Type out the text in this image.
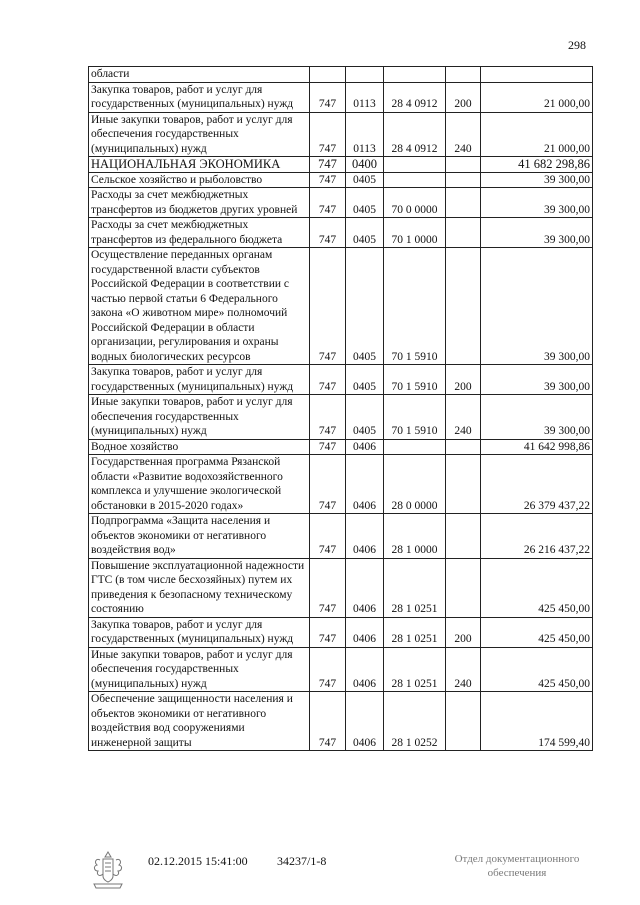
298
области					
Закупка товаров, работ и услуг для государственных (муниципальных) нужд	747	0113	28 4 0912	200	21 000,00
Иные закупки товаров, работ и услуг для обеспечения государственных (муниципальных) нужд	747	0113	28 4 0912	240	21 000,00
НАЦИОНАЛЬНАЯ ЭКОНОМИКА	747	0400			41 682 298,86
Сельское хозяйство и рыболовство	747	0405			39 300,00
Расходы за счет межбюджетных трансфертов из бюджетов других уровней	747	0405	70 0 0000		39 300,00
Расходы за счет межбюджетных трансфертов из федерального бюджета	747	0405	70 1 0000		39 300,00
Осуществление переданных органам государственной власти субъектов Российской Федерации в соответствии с частью первой статьи 6 Федерального закона «О животном мире» полномочий Российской Федерации в области организации, регулирования и охраны водных биологических ресурсов	747	0405	70 1 5910		39 300,00
Закупка товаров, работ и услуг для государственных (муниципальных) нужд	747	0405	70 1 5910	200	39 300,00
Иные закупки товаров, работ и услуг для обеспечения государственных (муниципальных) нужд	747	0405	70 1 5910	240	39 300,00
Водное хозяйство	747	0406			41 642 998,86
Государственная программа Рязанской области «Развитие водохозяйственного комплекса и улучшение экологической обстановки в 2015-2020 годах»	747	0406	28 0 0000		26 379 437,22
Подпрограмма «Защита населения и объектов экономики от негативного воздействия вод»	747	0406	28 1 0000		26 216 437,22
Повышение эксплуатационной надежности ГТС (в том числе бесхозяйных) путем их приведения к безопасному техническому состоянию	747	0406	28 1 0251		425 450,00
Закупка товаров, работ и услуг для государственных (муниципальных) нужд	747	0406	28 1 0251	200	425 450,00
Иные закупки товаров, работ и услуг для обеспечения государственных (муниципальных) нужд	747	0406	28 1 0251	240	425 450,00
Обеспечение защищенности населения и объектов экономики от негативного воздействия вод сооружениями инженерной защиты	747	0406	28 1 0252		174 599,40
02.12.2015 15:41:00 34237/1-8	Отдел документационного
обеспечения
